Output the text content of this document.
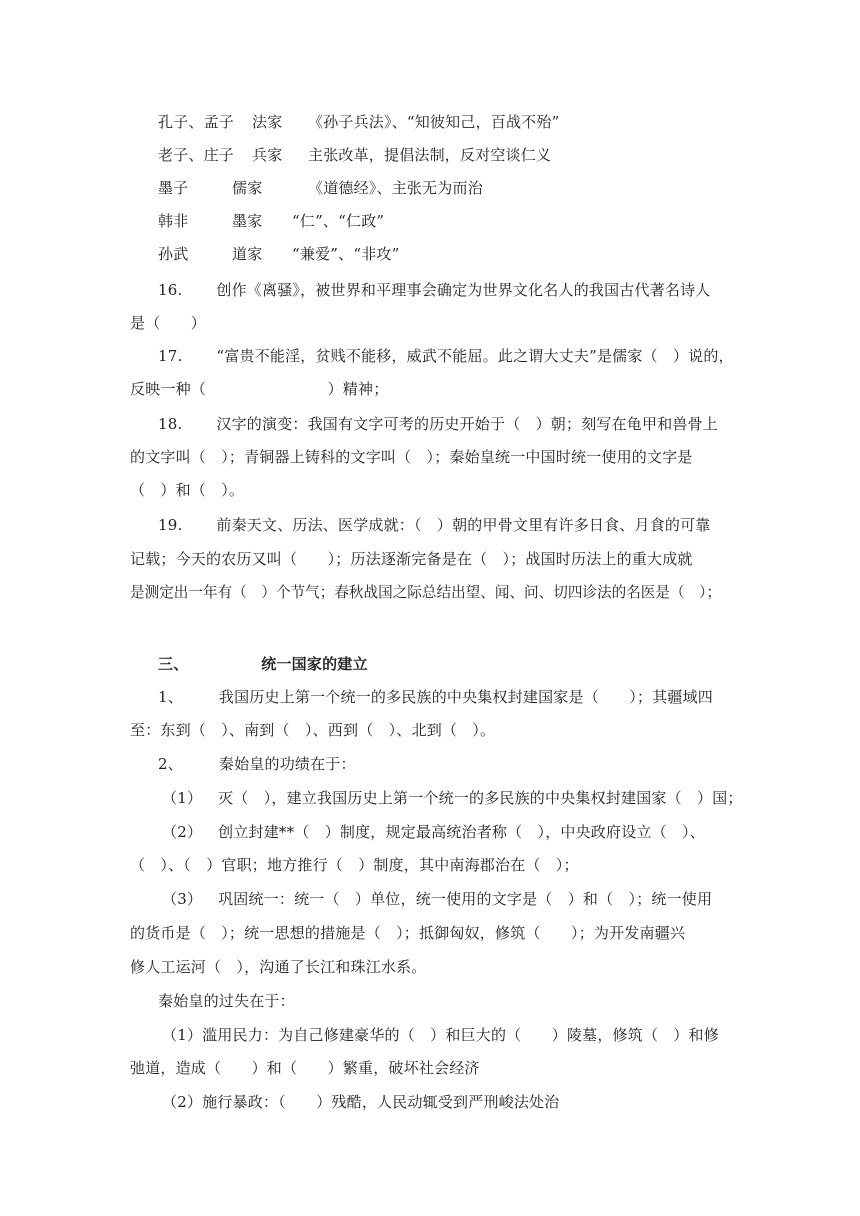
孔子、孟子 法家 《孙子兵法》、“知彼知己，百战不殆”
老子、庄子 兵家 主张改革，提倡法制，反对空谈仁义
墨子	儒家	《道德经》、主张无为而治
韩非	墨家 “仁”、“仁政”
孙武	道家 “兼爱”、“非攻”
16. 创作《离骚》，被世界和平理事会确定为世界文化名人的我国古代著名诗人
是（　　）
17. “富贵不能淫，贫贱不能移，威武不能屈。此之谓大丈夫”是儒家（　）说的，
反映一种（　　　　　　　　）精神；
18. 汉字的演变：我国有文字可考的历史开始于（　）朝；刻写在龟甲和兽骨上
的文字叫（　）；青铜器上铸科的文字叫（　）；秦始皇统一中国时统一使用的文字是
（　）和（　）。
19. 前秦天文、历法、医学成就：（　）朝的甲骨文里有许多日食、月食的可靠
记载；今天的农历又叫（　　）；历法逐渐完备是在（　）；战国时历法上的重大成就
是测定出一年有（　）个节气；春秋战国之际总结出望、闻、问、切四诊法的名医是（　）；
三、	统一国家的建立
1、 我国历史上第一个统一的多民族的中央集权封建国家是（　　）；其疆域四
至：东到（　）、南到（　）、西到（　）、北到（　）。
2、 秦始皇的功绩在于：
（1） 灭（　），建立我国历史上第一个统一的多民族的中央集权封建国家（　）国；
（2） 创立封建**（　）制度，规定最高统治者称（　），中央政府设立（　）、
（　）、（　）官职；地方推行（　）制度，其中南海郡治在（　）；
（3） 巩固统一：统一（　）单位，统一使用的文字是（　）和（　）；统一使用
的货币是（　）；统一思想的措施是（　）；抵御匈奴，修筑（　　）；为开发南疆兴
修人工运河（　），沟通了长江和珠江水系。
秦始皇的过失在于：
（1）滥用民力：为自己修建豪华的（　）和巨大的（　　）陵墓，修筑（　）和修
弛道，造成（　　）和（　　）繁重，破坏社会经济
（2）施行暴政：（　　）残酷，人民动辄受到严刑峻法处治
